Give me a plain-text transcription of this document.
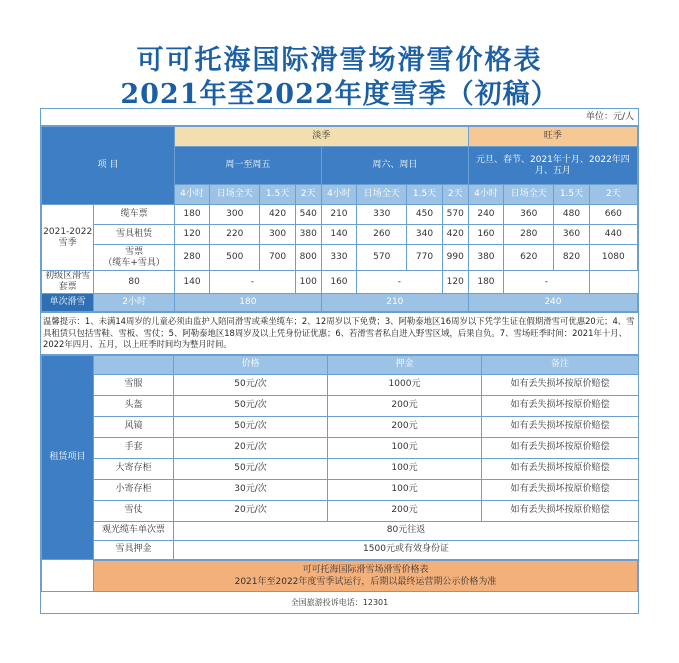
可可托海国际滑雪场滑雪价格表
2021年至2022年度雪季（初稿）
单位：元/人
项 目		淡季								旺季			
		周一至周五				周六、周日				元旦、春节、2021年十月、2022年四月、五月			
		4小时	日场全天	1.5天	2天	4小时	日场全天	1.5天	2天	4小时	日场全天	1.5天	2天
2021-2022雪季	缆车票	180	300	420	540	210	330	450	570	240	360	480	660
	雪具租赁	120	220	300	380	140	260	340	420	160	280	360	440
	雪票
（缆车+雪具）	280	500	700	800	330	570	770	990	380	620	820	1080
初级区滑雪套票	80	140	-		100	160	-		120	180	-		
单次滑雪	2小时	180				210				240			
温馨提示：1、未满14周岁的儿童必须由监护人陪同滑雪或乘坐缆车；2、12周岁以下免费；3、阿勒泰地区16周岁以下凭学生证在假期滑雪可优惠20元；4、雪具租赁只包括雪鞋、雪板、雪仗；5、阿勒泰地区18周岁及以上凭身份证优惠；6、若滑雪者私自进入野雪区域，后果自负。7、雪场旺季时间：2021年十月、2022年四月、五月，以上旺季时间均为整月时间。
租赁项目		价格	押金	备注
	雪服	50元/次	1000元	如有丢失损坏按原价赔偿
	头盔	50元/次	200元	如有丢失损坏按原价赔偿
	风镜	50元/次	200元	如有丢失损坏按原价赔偿
	手套	20元/次	100元	如有丢失损坏按原价赔偿
	大寄存柜	50元/次	100元	如有丢失损坏按原价赔偿
	小寄存柜	30元/次	100元	如有丢失损坏按原价赔偿
	雪仗	20元/次	200元	如有丢失损坏按原价赔偿
	观光缆车单次票	80元往返		
	雪具押金	1500元或有效身份证		

可可托海国际滑雪场滑雪价格表
2021年至2022年度雪季试运行，后期以最终运营期公示价格为准
全国旅游投诉电话：12301
